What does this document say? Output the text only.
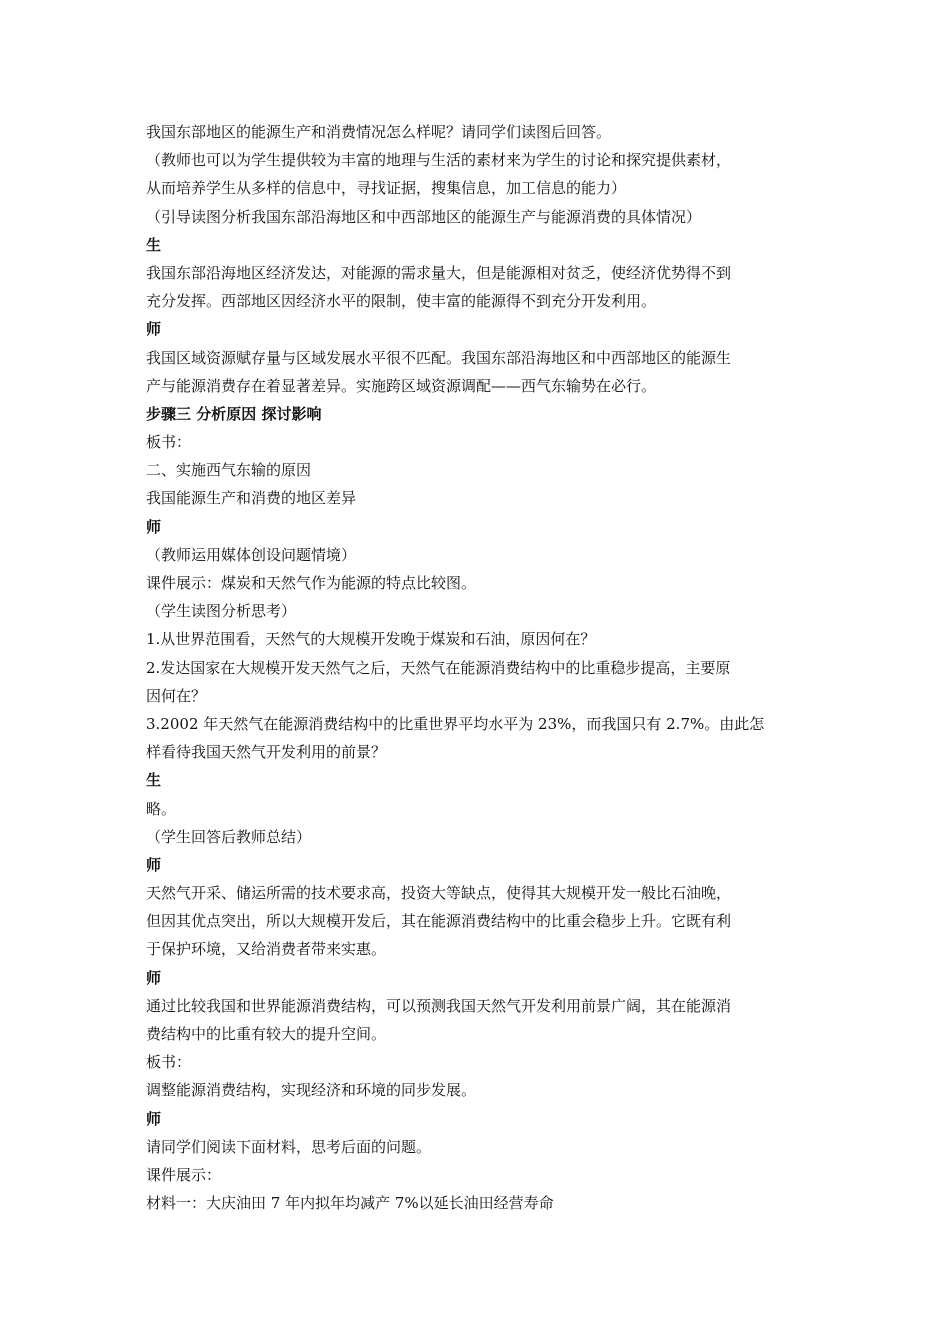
我国东部地区的能源生产和消费情况怎么样呢？请同学们读图后回答。
（教师也可以为学生提供较为丰富的地理与生活的素材来为学生的讨论和探究提供素材，
从而培养学生从多样的信息中，寻找证据，搜集信息，加工信息的能力）
（引导读图分析我国东部沿海地区和中西部地区的能源生产与能源消费的具体情况）
生
我国东部沿海地区经济发达，对能源的需求量大，但是能源相对贫乏，使经济优势得不到
充分发挥。西部地区因经济水平的限制，使丰富的能源得不到充分开发利用。
师
我国区域资源赋存量与区域发展水平很不匹配。我国东部沿海地区和中西部地区的能源生
产与能源消费存在着显著差异。实施跨区域资源调配——西气东输势在必行。
步骤三 分析原因 探讨影响
板书：
二、实施西气东输的原因
我国能源生产和消费的地区差异
师
（教师运用媒体创设问题情境）
课件展示：煤炭和天然气作为能源的特点比较图。
（学生读图分析思考）
1.从世界范围看，天然气的大规模开发晚于煤炭和石油，原因何在？
2.发达国家在大规模开发天然气之后，天然气在能源消费结构中的比重稳步提高，主要原
因何在？
3.2002 年天然气在能源消费结构中的比重世界平均水平为 23%，而我国只有 2.7%。由此怎
样看待我国天然气开发利用的前景？
生
略。
（学生回答后教师总结）
师
天然气开采、储运所需的技术要求高，投资大等缺点，使得其大规模开发一般比石油晚，
但因其优点突出，所以大规模开发后，其在能源消费结构中的比重会稳步上升。它既有利
于保护环境，又给消费者带来实惠。
师
通过比较我国和世界能源消费结构，可以预测我国天然气开发利用前景广阔，其在能源消
费结构中的比重有较大的提升空间。
板书：
调整能源消费结构，实现经济和环境的同步发展。
师
请同学们阅读下面材料，思考后面的问题。
课件展示：
材料一：大庆油田 7 年内拟年均减产 7%以延长油田经营寿命
